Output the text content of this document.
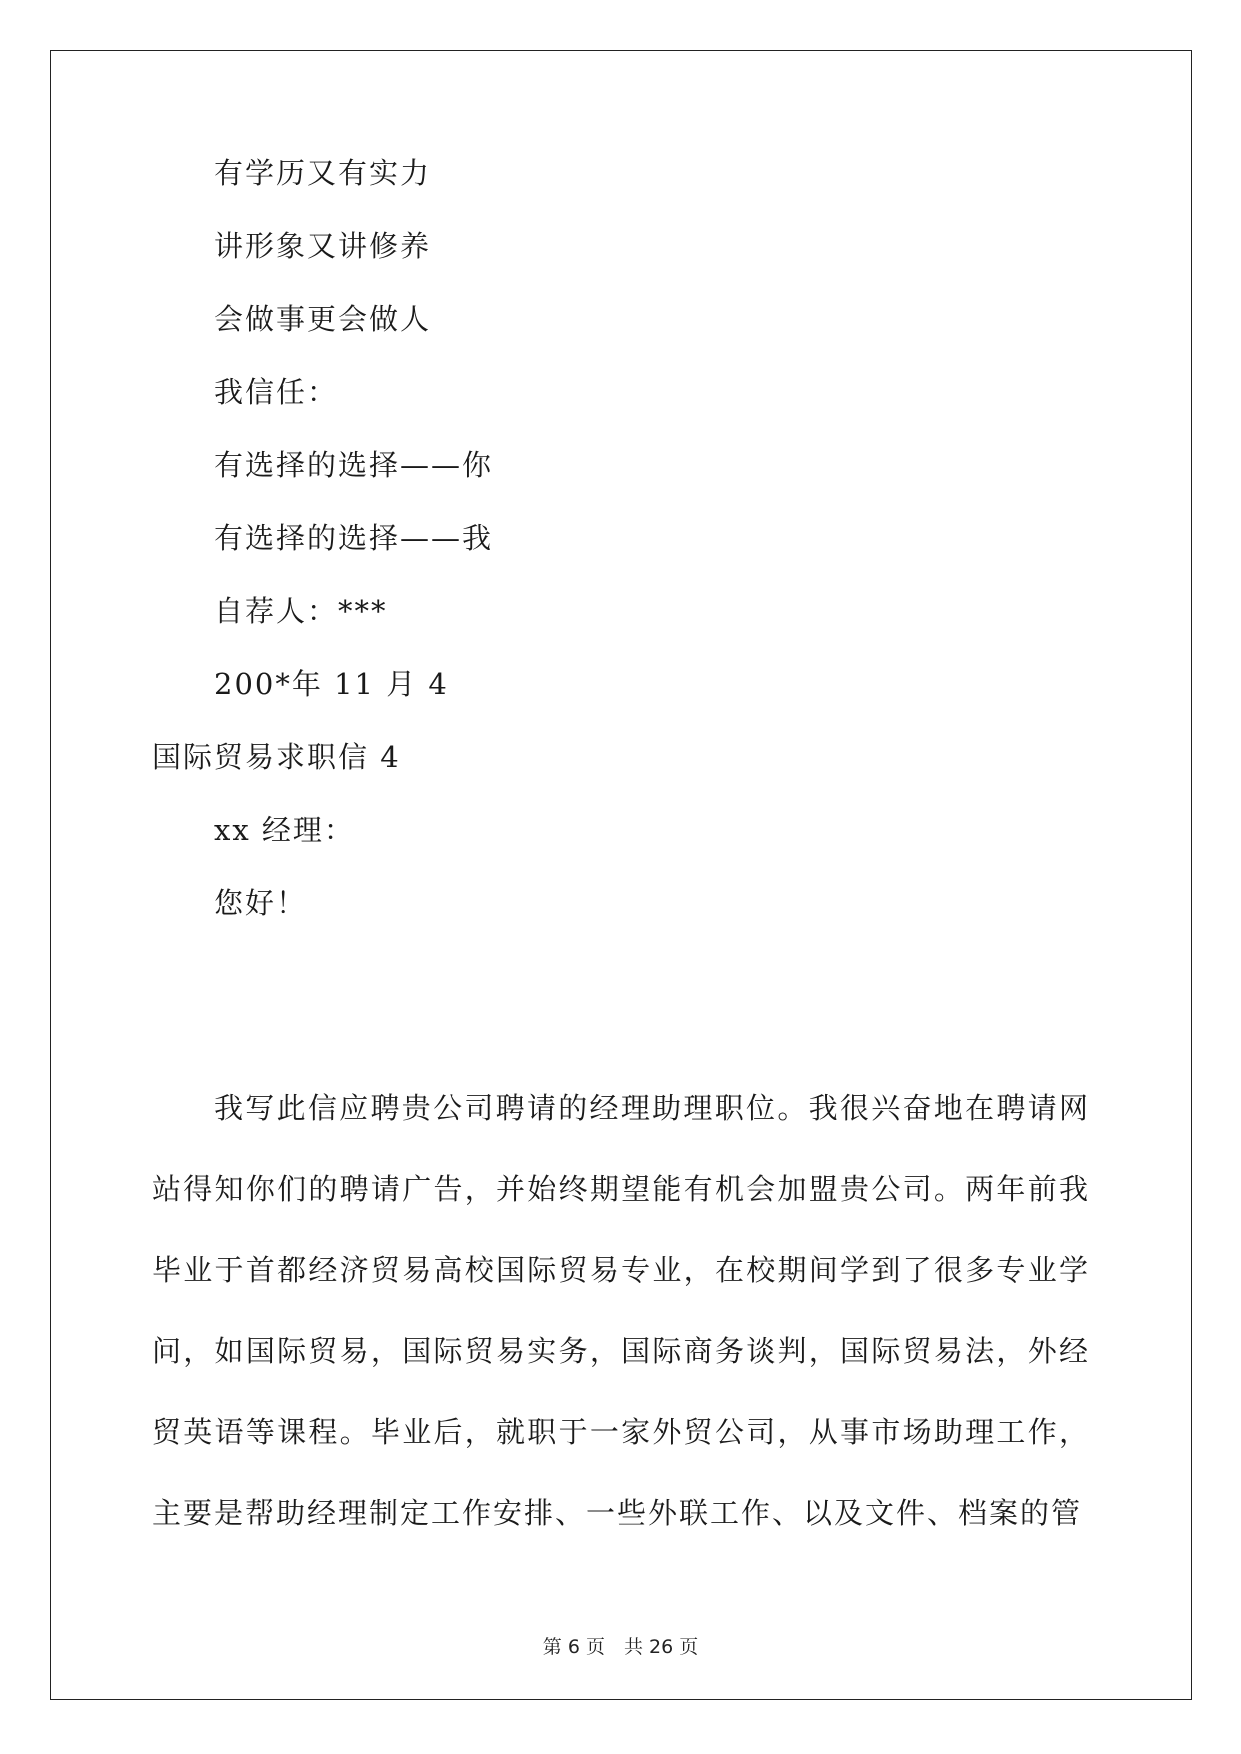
有学历又有实力
讲形象又讲修养
会做事更会做人
我信任：
有选择的选择——你
有选择的选择——我
自荐人：***
200*年 11 月 4
国际贸易求职信 4
xx 经理：
您好！

我写此信应聘贵公司聘请的经理助理职位。我很兴奋地在聘请网站得知你们的聘请广告，并始终期望能有机会加盟贵公司。两年前我毕业于首都经济贸易高校国际贸易专业，在校期间学到了很多专业学问，如国际贸易，国际贸易实务，国际商务谈判，国际贸易法，外经贸英语等课程。毕业后，就职于一家外贸公司，从事市场助理工作，主要是帮助经理制定工作安排、一些外联工作、以及文件、档案的管

第 6 页　共 26 页
